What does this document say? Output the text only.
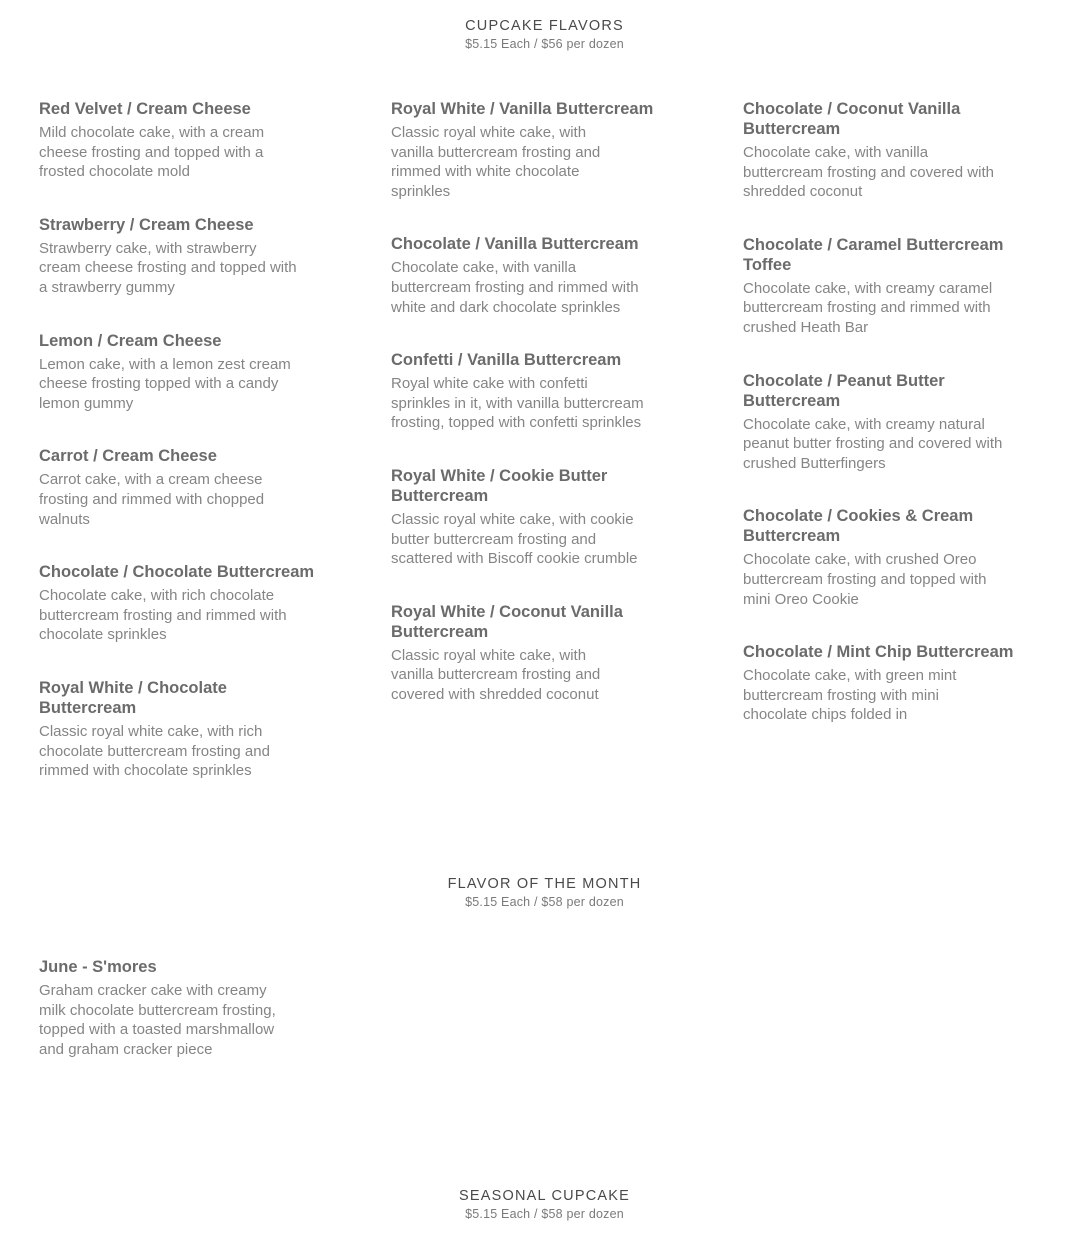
CUPCAKE FLAVORS
$5.15 Each / $56 per dozen
Red Velvet / Cream Cheese
Mild chocolate cake, with a cream cheese frosting and topped with a frosted chocolate mold
Strawberry / Cream Cheese
Strawberry cake, with strawberry cream cheese frosting and topped with a strawberry gummy
Lemon / Cream Cheese
Lemon cake, with a lemon zest cream cheese frosting topped with a candy lemon gummy
Carrot / Cream Cheese
Carrot cake, with a cream cheese frosting and rimmed with chopped walnuts
Chocolate / Chocolate Buttercream
Chocolate cake, with rich chocolate buttercream frosting and rimmed with chocolate sprinkles
Royal White / Chocolate Buttercream
Classic royal white cake, with rich chocolate buttercream frosting and rimmed with chocolate sprinkles
Royal White / Vanilla Buttercream
Classic royal white cake, with vanilla buttercream frosting and rimmed with white chocolate sprinkles
Chocolate / Vanilla Buttercream
Chocolate cake, with vanilla buttercream frosting and rimmed with white and dark chocolate sprinkles
Confetti / Vanilla Buttercream
Royal white cake with confetti sprinkles in it, with vanilla buttercream frosting, topped with confetti sprinkles
Royal White / Cookie Butter Buttercream
Classic royal white cake, with cookie butter buttercream frosting and scattered with Biscoff cookie crumble
Royal White / Coconut Vanilla Buttercream
Classic royal white cake, with vanilla buttercream frosting and covered with shredded coconut
Chocolate / Coconut Vanilla Buttercream
Chocolate cake, with vanilla buttercream frosting and covered with shredded coconut
Chocolate / Caramel Buttercream Toffee
Chocolate cake, with creamy caramel buttercream frosting and rimmed with crushed Heath Bar
Chocolate / Peanut Butter Buttercream
Chocolate cake, with creamy natural peanut butter frosting and covered with crushed Butterfingers
Chocolate / Cookies & Cream Buttercream
Chocolate cake, with crushed Oreo buttercream frosting and topped with mini Oreo Cookie
Chocolate / Mint Chip Buttercream
Chocolate cake, with green mint buttercream frosting with mini chocolate chips folded in
FLAVOR OF THE MONTH
$5.15 Each / $58 per dozen
June - S'mores
Graham cracker cake with creamy milk chocolate buttercream frosting, topped with a toasted marshmallow and graham cracker piece
SEASONAL CUPCAKE
$5.15 Each / $58 per dozen
